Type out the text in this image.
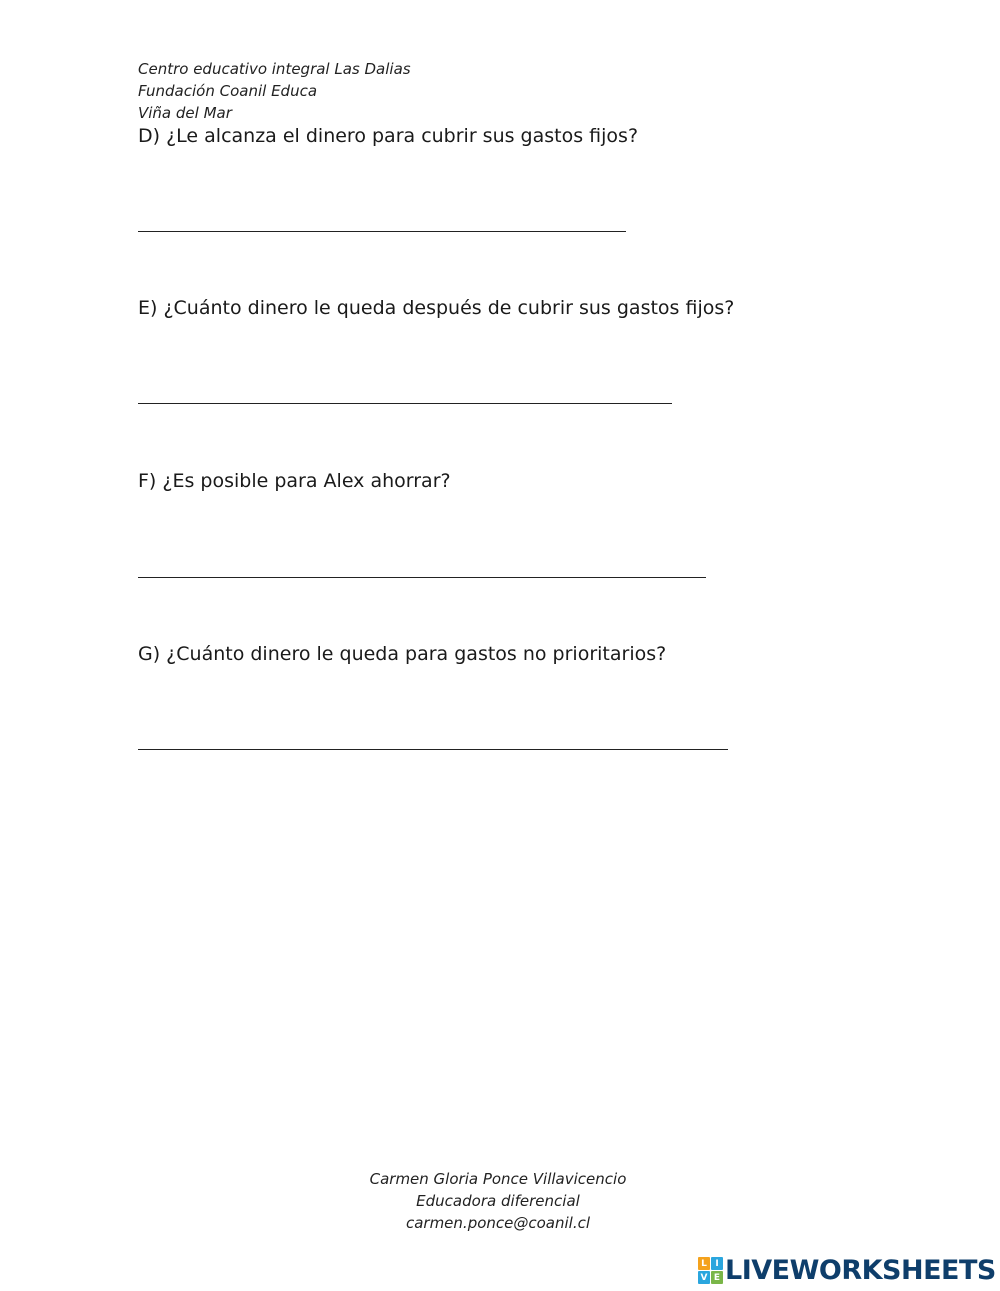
Centro educativo integral Las Dalias
Fundación Coanil Educa
Viña del Mar
D) ¿Le alcanza el dinero para cubrir sus gastos fijos?
E) ¿Cuánto dinero le queda después de cubrir sus gastos fijos?
F) ¿Es posible para Alex ahorrar?
G) ¿Cuánto dinero le queda para gastos no prioritarios?
Carmen Gloria Ponce Villavicencio
Educadora diferencial
carmen.ponce@coanil.cl
L I
V E LIVEWORKSHEETS
